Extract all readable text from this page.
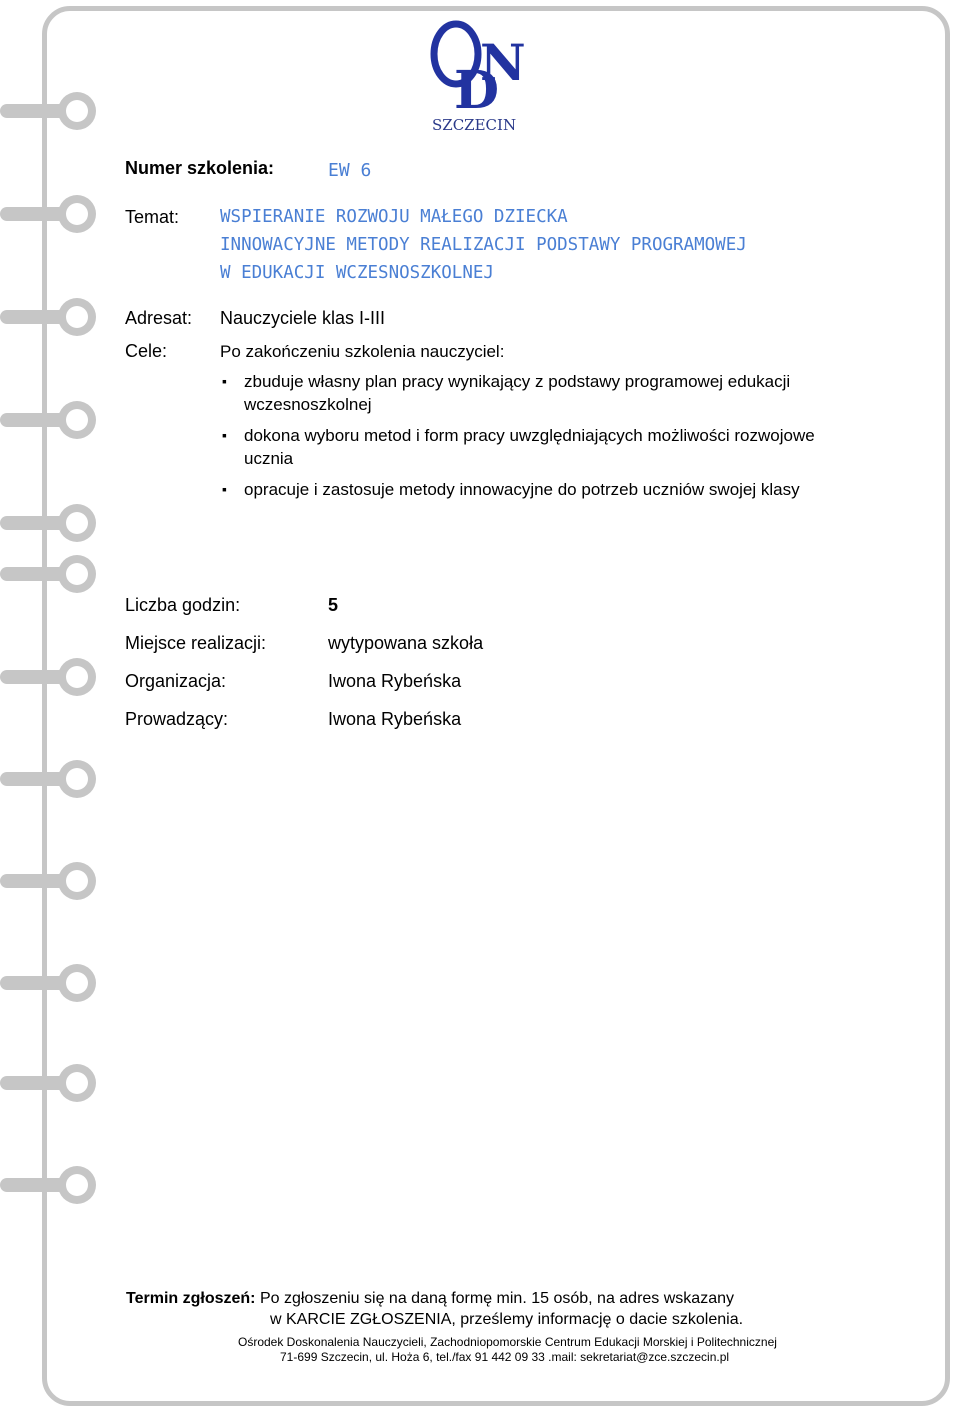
D
N
SZCZECIN
Numer szkolenia:	EW 6
Temat: WSPIERANIE ROZWOJU MAŁEGO DZIECKA
INNOWACYJNE METODY REALIZACJI PODSTAWY PROGRAMOWEJ
W EDUKACJI WCZESNOSZKOLNEJ
Adresat: Nauczyciele klas I-III
Cele:	Po zakończeniu szkolenia nauczyciel:
▪ zbuduje własny plan pracy wynikający z podstawy programowej edukacji
wczesnoszkolnej
▪ dokona wyboru metod i form pracy uwzględniających możliwości rozwojowe
ucznia
▪ opracuje i zastosuje metody innowacyjne do potrzeb uczniów swojej klasy
Liczba godzin:	5
Miejsce realizacji:	wytypowana szkoła
Organizacja:	Iwona Rybeńska
Prowadzący:	Iwona Rybeńska
Termin zgłoszeń: Po zgłoszeniu się na daną formę min. 15 osób, na adres wskazany
w KARCIE ZGŁOSZENIA, prześlemy informację o dacie szkolenia.
Ośrodek Doskonalenia Nauczycieli, Zachodniopomorskie Centrum Edukacji Morskiej i Politechnicznej
71-699 Szczecin, ul. Hoża 6, tel./fax 91 442 09 33 .mail: sekretariat@zce.szczecin.pl
